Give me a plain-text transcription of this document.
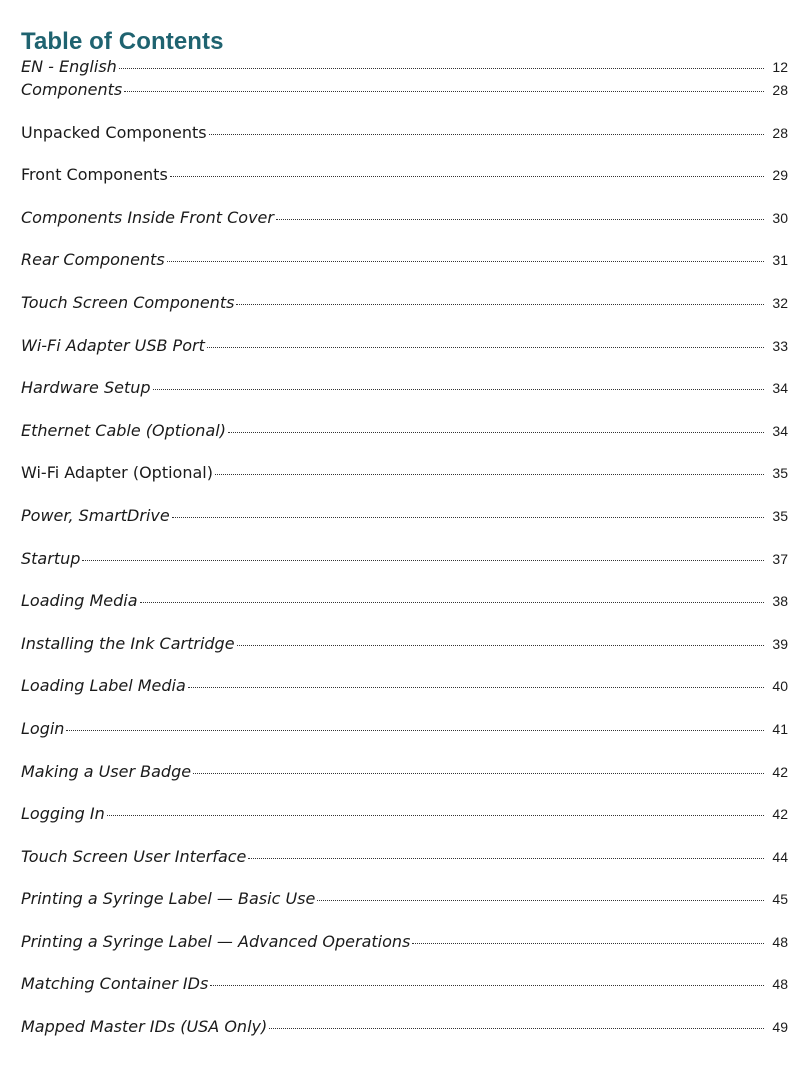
Table of Contents
EN - English	12
Components	28
Unpacked Components	28
Front Components	29
Components Inside Front Cover	30
Rear Components	31
Touch Screen Components	32
Wi-Fi Adapter USB Port	33
Hardware Setup	34
Ethernet Cable (Optional)	34
Wi-Fi Adapter (Optional)	35
Power, SmartDrive	35
Startup	37
Loading Media	38
Installing the Ink Cartridge	39
Loading Label Media	40
Login	41
Making a User Badge	42
Logging In	42
Touch Screen User Interface	44
Printing a Syringe Label — Basic Use	45
Printing a Syringe Label — Advanced Operations	48
Matching Container IDs	48
Mapped Master IDs (USA Only)	49
